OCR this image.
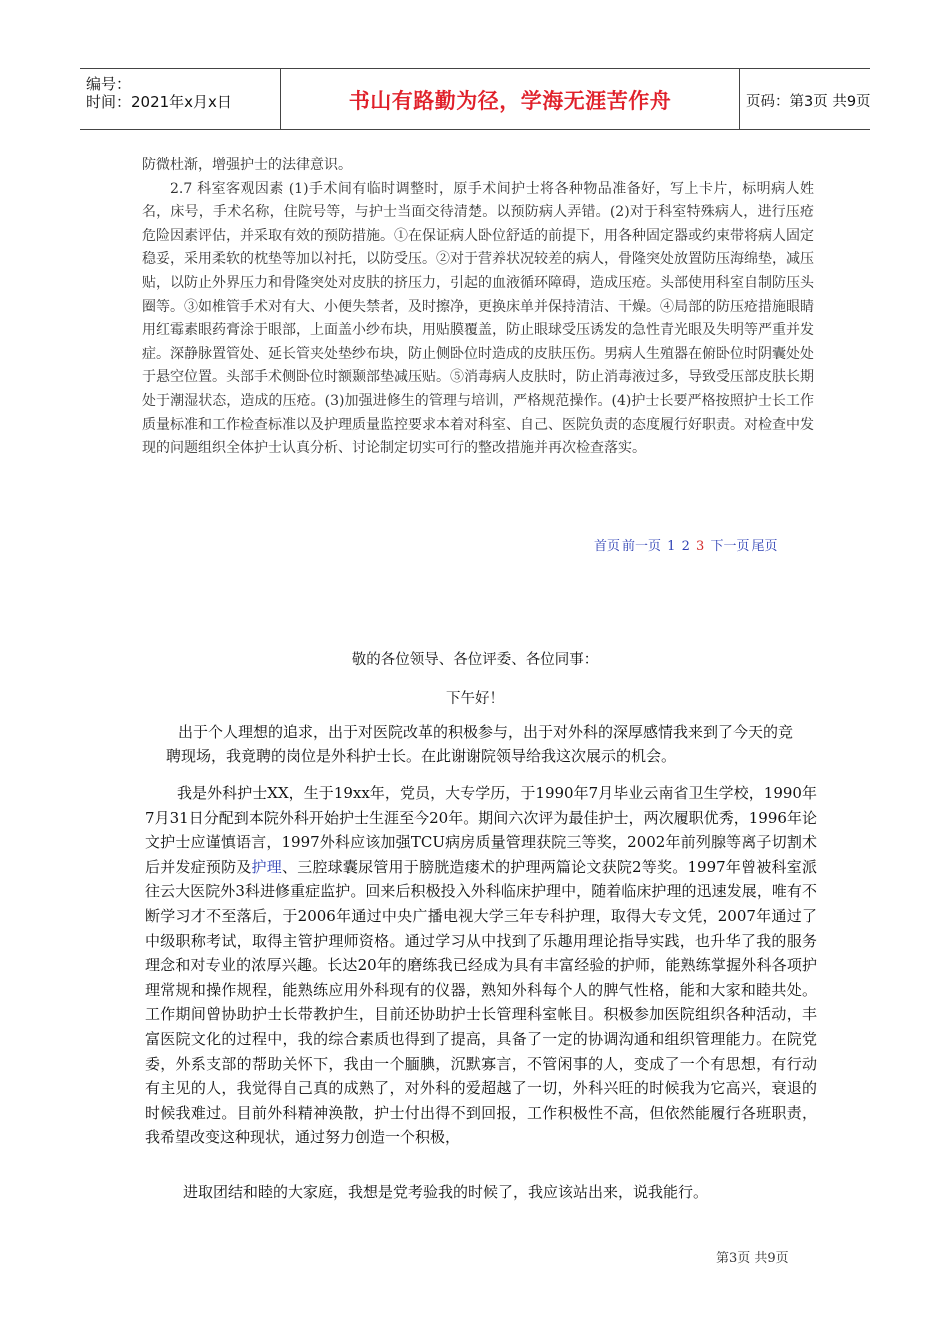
编号：
时间：2021年x月x日	书山有路勤为径，学海无涯苦作舟	页码：第3页 共9页

防微杜渐，增强护士的法律意识。

2.7 科室客观因素 (1)手术间有临时调整时，原手术间护士将各种物品准备好，写上卡片，标明病人姓名，床号，手术名称，住院号等，与护士当面交待清楚。以预防病人弄错。(2)对于科室特殊病人，进行压疮危险因素评估，并采取有效的预防措施。①在保证病人卧位舒适的前提下，用各种固定器或约束带将病人固定稳妥，采用柔软的枕垫等加以衬托，以防受压。②对于营养状况较差的病人，骨隆突处放置防压海绵垫，减压贴，以防止外界压力和骨隆突处对皮肤的挤压力，引起的血液循环障碍，造成压疮。头部使用科室自制防压头圈等。③如椎管手术对有大、小便失禁者，及时擦净，更换床单并保持清洁、干燥。④局部的防压疮措施眼睛用红霉素眼药膏涂于眼部，上面盖小纱布块，用贴膜覆盖，防止眼球受压诱发的急性青光眼及失明等严重并发症。深静脉置管处、延长管夹处垫纱布块，防止侧卧位时造成的皮肤压伤。男病人生殖器在俯卧位时阴囊处处于悬空位置。头部手术侧卧位时额颞部垫减压贴。⑤消毒病人皮肤时，防止消毒液过多，导致受压部皮肤长期处于潮湿状态，造成的压疮。(3)加强进修生的管理与培训，严格规范操作。(4)护士长要严格按照护士长工作质量标准和工作检查标准以及护理质量监控要求本着对科室、自己、医院负责的态度履行好职责。对检查中发现的问题组织全体护士认真分析、讨论制定切实可行的整改措施并再次检查落实。

首页 前一页 1 2 3 下一页 尾页
敬的各位领导、各位评委、各位同事：
下午好！
出于个人理想的追求，出于对医院改革的积极参与，出于对外科的深厚感情我来到了今天的竞聘现场，我竟聘的岗位是外科护士长。在此谢谢院领导给我这次展示的机会。

我是外科护士XX，生于19xx年，党员，大专学历，于1990年7月毕业云南省卫生学校，1990年7月31日分配到本院外科开始护士生涯至今20年。期间六次评为最佳护士，两次履职优秀，1996年论文护士应谨慎语言，1997外科应该加强TCU病房质量管理获院三等奖，2002年前列腺等离子切割术后并发症预防及护理、三腔球囊尿管用于膀胱造瘘术的护理两篇论文获院2等奖。1997年曾被科室派往云大医院外3科进修重症监护。回来后积极投入外科临床护理中，随着临床护理的迅速发展，唯有不断学习才不至落后，于2006年通过中央广播电视大学三年专科护理，取得大专文凭，2007年通过了中级职称考试，取得主管护理师资格。通过学习从中找到了乐趣用理论指导实践，也升华了我的服务理念和对专业的浓厚兴趣。长达20年的磨练我已经成为具有丰富经验的护师，能熟练掌握外科各项护理常规和操作规程，能熟练应用外科现有的仪器，熟知外科每个人的脾气性格，能和大家和睦共处。工作期间曾协助护士长带教护生，目前还协助护士长管理科室帐目。积极参加医院组织各种活动，丰富医院文化的过程中，我的综合素质也得到了提高，具备了一定的协调沟通和组织管理能力。在院党委，外系支部的帮助关怀下，我由一个腼腆，沉默寡言，不管闲事的人，变成了一个有思想，有行动有主见的人，我觉得自己真的成熟了，对外科的爱超越了一切，外科兴旺的时候我为它高兴，衰退的时候我难过。目前外科精神涣散，护士付出得不到回报，工作积极性不高，但依然能履行各班职责，我希望改变这种现状，通过努力创造一个积极，

进取团结和睦的大家庭，我想是党考验我的时候了，我应该站出来，说我能行。
第3页 共9页
